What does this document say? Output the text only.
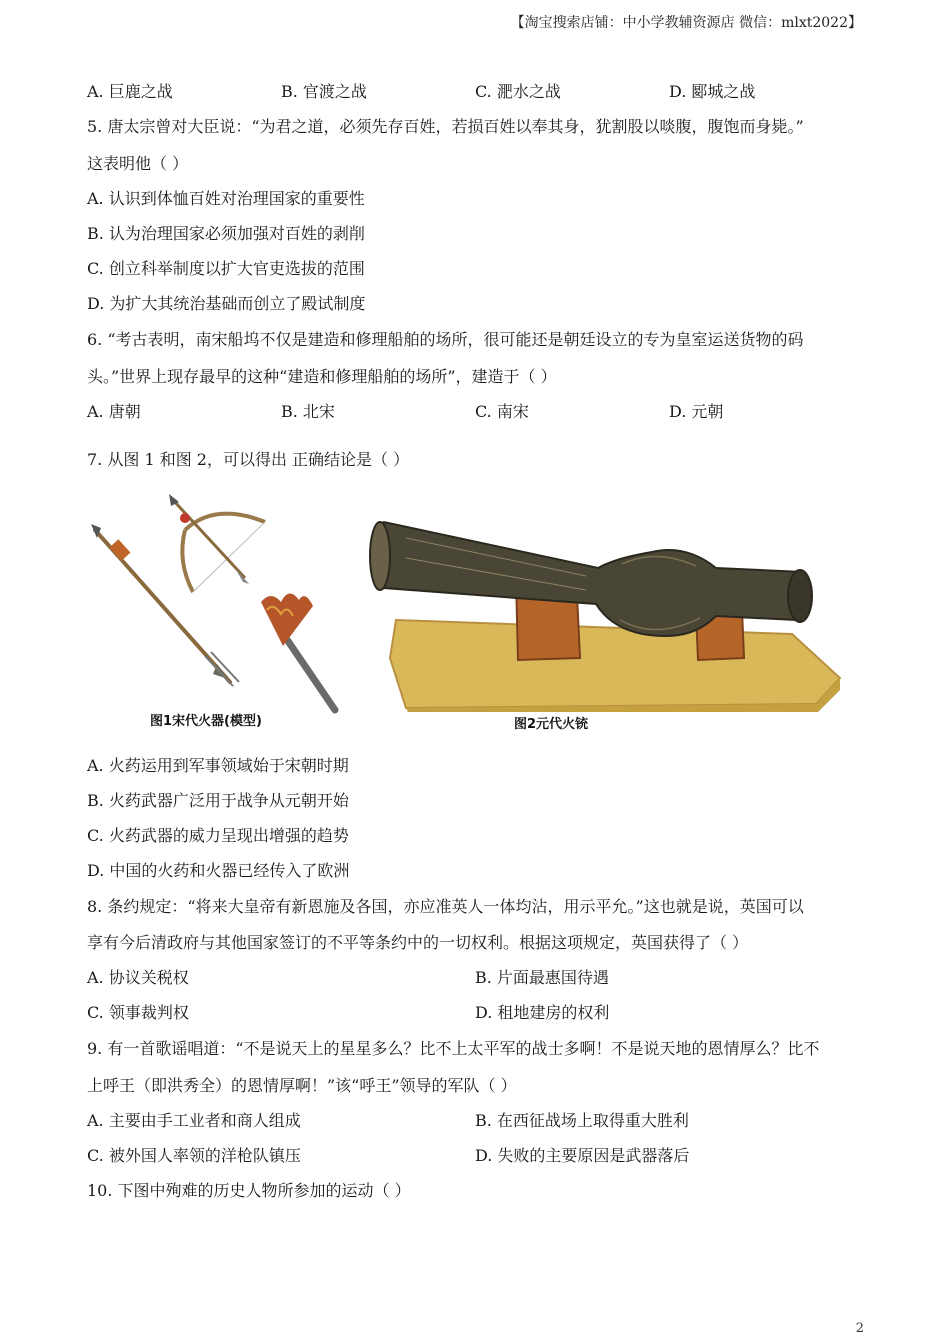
【淘宝搜索店铺：中小学教辅资源店 微信：mlxt2022】
A. 巨鹿之战	B. 官渡之战	C. 淝水之战	D. 郾城之战
5. 唐太宗曾对大臣说：“为君之道，必须先存百姓，若损百姓以奉其身，犹割股以啖腹，腹饱而身毙。”
这表明他（ ）
A. 认识到体恤百姓对治理国家的重要性
B. 认为治理国家必须加强对百姓的剥削
C. 创立科举制度以扩大官吏选拔的范围
D. 为扩大其统治基础而创立了殿试制度
6. “考古表明，南宋船坞不仅是建造和修理船舶的场所，很可能还是朝廷设立的专为皇室运送货物的码
头。”世界上现存最早的这种“建造和修理船舶的场所”，建造于（ ）
A. 唐朝	B. 北宋	C. 南宋	D. 元朝
7. 从图 1 和图 2，可以得出 正确结论是（ ）
图1宋代火器(模型)	图2元代火铳
A. 火药运用到军事领域始于宋朝时期
B. 火药武器广泛用于战争从元朝开始
C. 火药武器的威力呈现出增强的趋势
D. 中国的火药和火器已经传入了欧洲
8. 条约规定：“将来大皇帝有新恩施及各国，亦应准英人一体均沾，用示平允。”这也就是说，英国可以
享有今后清政府与其他国家签订的不平等条约中的一切权利。根据这项规定，英国获得了（ ）
A. 协议关税权	B. 片面最惠国待遇
C. 领事裁判权	D. 租地建房的权利
9. 有一首歌谣唱道：“不是说天上的星星多么？比不上太平军的战士多啊！不是说天地的恩情厚么？比不
上呼王（即洪秀全）的恩情厚啊！”该“呼王”领导的军队（ ）
A. 主要由手工业者和商人组成	B. 在西征战场上取得重大胜利
C. 被外国人率领的洋枪队镇压	D. 失败的主要原因是武器落后
10. 下图中殉难的历史人物所参加的运动（ ）
2
